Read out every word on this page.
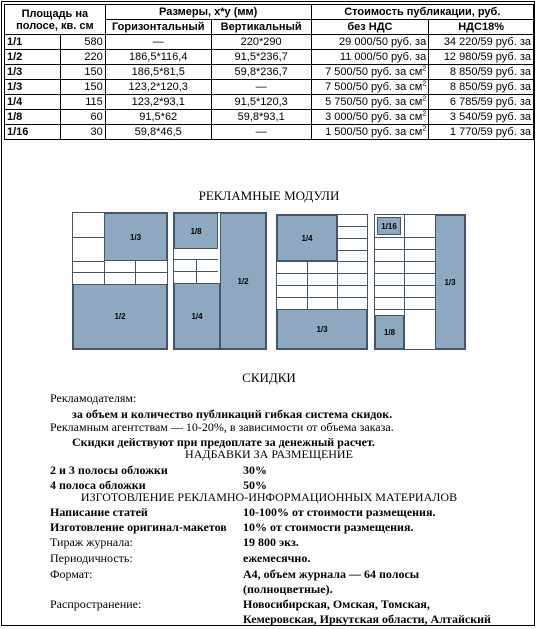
Площадь на полосе, кв. см		Размеры, x*y (мм)		Стоимость публикации, руб.	
		Горизонтальный	Вертикальный	без НДС	НДС18%
1/1	580	—	220*290	29 000/50 руб. за	34 220/59 руб. за
1/2	220	186,5*116,4	91,5*236,7	11 000/50 руб. за	12 980/59 руб. за
1/3	150	186,5*81,5	59,8*236,7	7 500/50 руб. за $см^2$	8 850/59 руб. за
1/3	150	123,2*120,3	—	7 500/50 руб. за $см^2$	8 850/59 руб. за
1/4	115	123,2*93,1	91,5*120,3	5 750/50 руб. за $см^2$	6 785/59 руб. за
1/8	60	91,5*62	59,8*93,1	3 000/50 руб. за $см^2$	3 540/59 руб. за
1/16	30	59,8*46,5	—	1 500/50 руб. за $см^2$	1 770/59 руб. за
РЕКЛАМНЫЕ МОДУЛИ
1/3
1/2
1/8
1/4
1/2
1/4
1/3
1/16
1/8
1/3
СКИДКИ
Рекламодателям:
за объем и количество публикаций гибкая система скидок.
Рекламным агентствам — 10-20%, в зависимости от объема заказа.
Скидки действуют при предоплате за денежный расчет.
НАДБАВКИ ЗА РАЗМЕЩЕНИЕ
2 и 3 полосы обложки	30%
4 полоса обложки	50%
ИЗГОТОВЛЕНИЕ РЕКЛАМНО-ИНФОРМАЦИОННЫХ МАТЕРИАЛОВ
Написание статей	10-100% от стоимости размещения.
Изготовление оригинал-макетов 10% от стоимости размещения.
Тираж журнала:	19 800 экз.
Периодичность:	ежемесячно.
Формат:	А4, объем журнала — 64 полосы
(полноцветные).
Распространение:	Новосибирская, Омская, Томская,
Кемеровская, Иркутская области, Алтайский
